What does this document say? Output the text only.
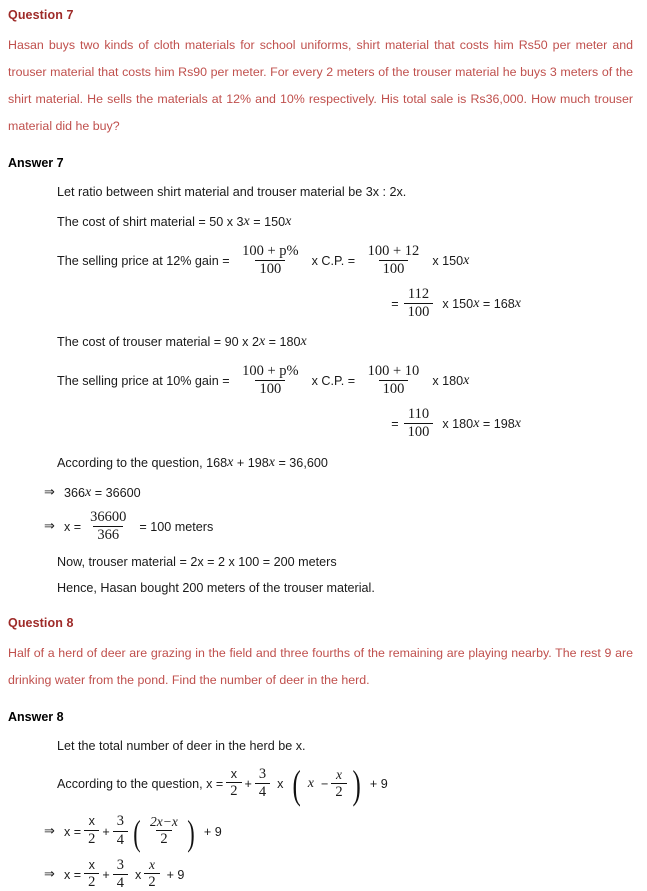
Question 7

Hasan buys two kinds of cloth materials for school uniforms, shirt material that costs him Rs50 per meter and trouser material that costs him Rs90 per meter. For every 2 meters of the trouser material he buys 3 meters of the shirt material. He sells the materials at 12% and 10% respectively. His total sale is Rs36,000. How much trouser material did he buy?

Answer 7
Let ratio between shirt material and trouser material be 3x : 2x.
The cost of shirt material = 50 x 3 x = 150 x
The selling price at 12% gain = $\frac{100 + p\%}{100}$ x C.P. = $\frac{100 + 12}{100}$ x 150 x
= $\frac{112}{100}$ x 150 x = 168 x
The cost of trouser material = 90 x 2 x = 180 x
The selling price at 10% gain = $\frac{100 + p\%}{100}$ x C.P. = $\frac{100 + 10}{100}$ x 180 x
= $\frac{110}{100}$ x 180 x = 198 x
According to the question, 168 x + 198 x = 36,600
⇒ 366 x = 36600
⇒ $x = \frac{36600}{366} = 100$ meters
Now, trouser material = 2x = 2 x 100 = 200 meters
Hence, Hasan bought 200 meters of the trouser material.
Question 8

Half of a herd of deer are grazing in the field and three fourths of the remaining are playing nearby. The rest 9 are drinking water from the pond. Find the number of deer in the herd.

Answer 8
Let the total number of deer in the herd be x.
According to the question, $x = \frac{x}{2} + \frac{3}{4}$ x ( $x - \frac{x}{2}$ ) + 9
⇒ $x = \frac{x}{2} + \frac{3}{4}$ ( $\frac{2x-x}{2}$ ) + 9
⇒ $x = \frac{x}{2} + \frac{3}{4}$ x $\frac{x}{2} + 9$
